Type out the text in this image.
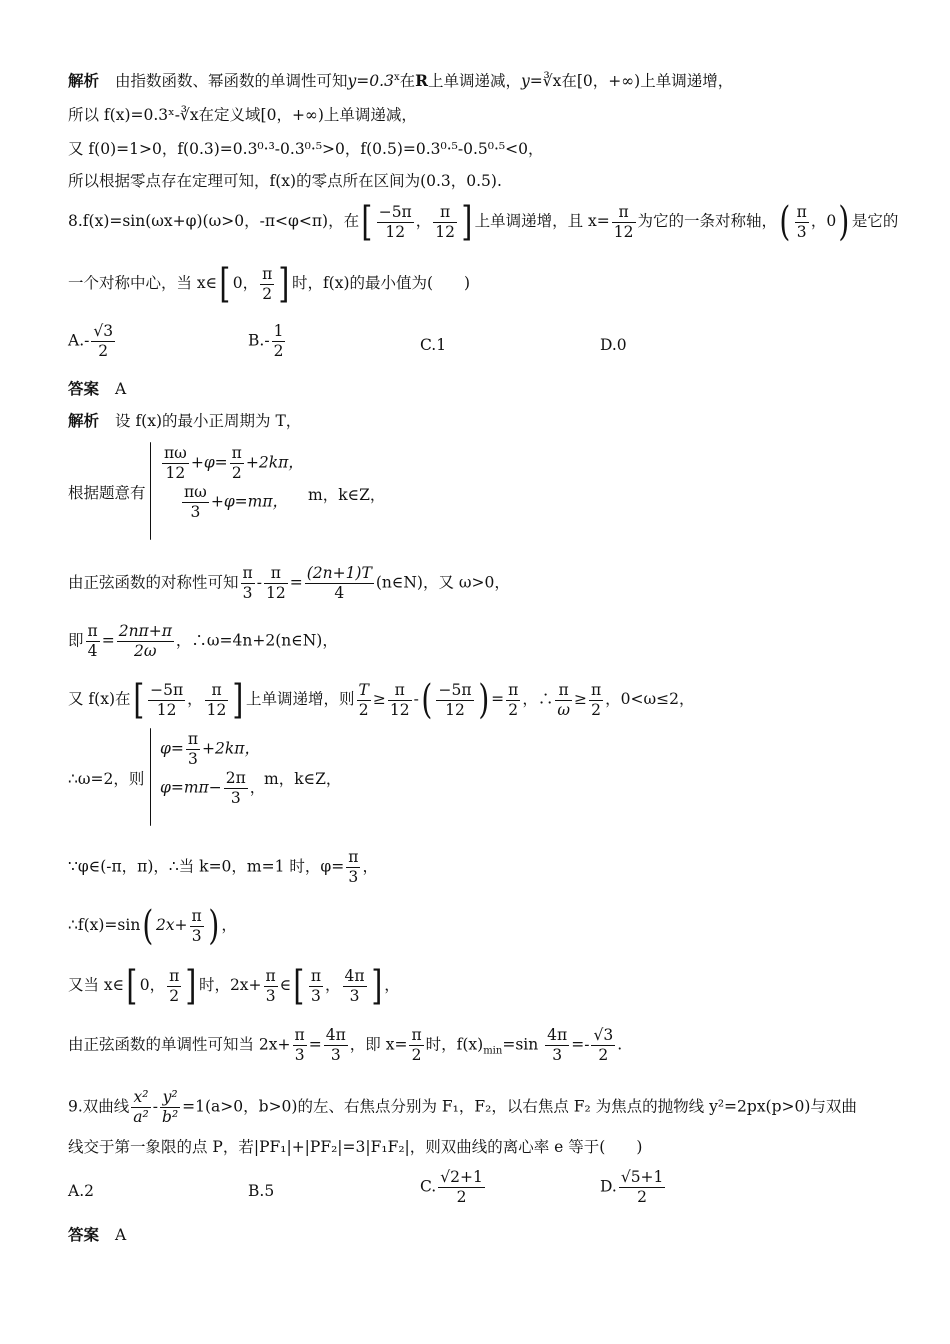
解析 由指数函数、幂函数的单调性可知$y=0.3^x$在R上单调递减，y=∛x在[0，+∞)上单调递增，
所以 f(x)=0.3ˣ-∛x在定义域[0，+∞)上单调递减，
又 f(0)=1>0，f(0.3)=0.3⁰·³-0.3⁰·⁵>0，f(0.5)=0.3⁰·⁵-0.5⁰·⁵<0，
所以根据零点存在定理可知，f(x)的零点所在区间为(0.3，0.5).
8.f(x)=sin(ωx+φ)(ω>0，-π<φ<π)，在[ $\frac{-5\pi}{12}$ ， $\frac{\pi}{12}$ ] 上单调递增，且 $x= \frac{\pi}{12}$ 为它的一条对称轴，( $\frac{\pi}{3}$ ，0) 是它的
一个对称中心，当 x∈[ 0， $\frac{\pi}{2}$ ] 时，f(x)的最小值为(　　)
$A.- \frac{√3}{2}$	$B.- \frac{1}{2}$	C.1	D.0
答案 A
解析 设 f(x)的最小正周期为 T，
根据题意有
$\frac{\pi\omega}{12} +\varphi= \frac{\pi}{2} +2k\pi$，
$\frac{\pi\omega}{3} +\varphi=m\pi$，	m，k∈Z，
由正弦函数的对称性可知 $\frac{\pi}{3} - \frac{\pi}{12} = \frac{(2n+1)T}{4}$ (n∈N)，又 ω>0，
即 $\frac{\pi}{4} = \frac{2n\pi+\pi}{2\omega}$ ，∴ω=4n+2(n∈N)，
又 f(x)在[ $\frac{-5\pi}{12}$ ， $\frac{\pi}{12}$ ] 上单调递增，则 $\frac{T}{2} \ge \frac{\pi}{12}$ -( $\frac{-5\pi}{12}$ ) = $\frac{\pi}{2}$ ，∴ $\frac{\pi}{\omega} \ge \frac{\pi}{2}$ ，0<ω≤2，
∴ω=2，则
$\varphi= \frac{\pi}{3} +2k\pi$，
$\varphi=m\pi- \frac{2\pi}{3}$ ，
m，k∈Z，
∵φ∈(-π，π)，∴当 k=0，m=1 时，$\varphi= \frac{\pi}{3}$ ，
∴f(x)=sin( $2x+ \frac{\pi}{3}$ ) ，
又当 x∈[ 0， $\frac{\pi}{2}$ ] 时，$2x+ \frac{\pi}{3}$ ∈[ $\frac{\pi}{3}$ ， $\frac{4\pi}{3}$ ] ，
由正弦函数的单调性可知当 $2x+ \frac{\pi}{3} = \frac{4\pi}{3}$ ，即 $x= \frac{\pi}{2}$ 时，$f(x)_{min}=\sin \frac{4\pi}{3} =- \frac{√3}{2}$ .
9.双曲线 $\frac{\text{x²}}{\text{a²}} - \frac{\text{y²}}{\text{b²}} =1(a>0$，b>0)的左、右焦点分别为 F₁，F₂，以右焦点 F₂ 为焦点的抛物线 y²=2px(p>0)与双曲
线交于第一象限的点 P，若|PF₁|+|PF₂|=3|F₁F₂|，则双曲线的离心率 e 等于(　　)
A.2	B.5	C. $\frac{√2+1}{2}$	D. $\frac{√5+1}{2}$
答案 A
